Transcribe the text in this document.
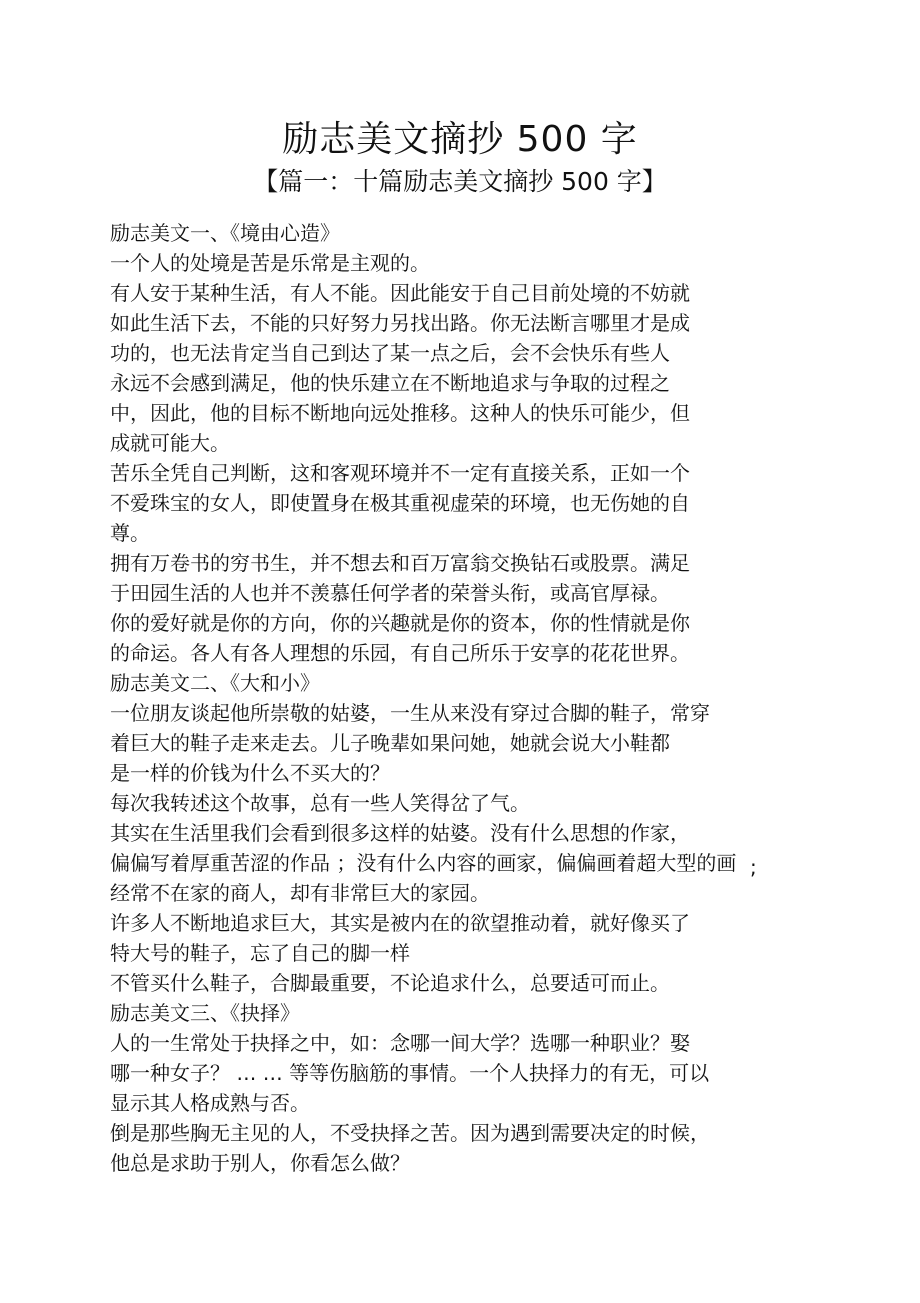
励志美文摘抄 500 字
【篇一：十篇励志美文摘抄 500 字】
励志美文一、《境由心造》
一个人的处境是苦是乐常是主观的。
有人安于某种生活，有人不能。因此能安于自己目前处境的不妨就
如此生活下去，不能的只好努力另找出路。你无法断言哪里才是成
功的，也无法肯定当自己到达了某一点之后，会不会快乐有些人
永远不会感到满足，他的快乐建立在不断地追求与争取的过程之
中，因此，他的目标不断地向远处推移。这种人的快乐可能少，但
成就可能大。
苦乐全凭自己判断，这和客观环境并不一定有直接关系，正如一个
不爱珠宝的女人，即使置身在极其重视虚荣的环境，也无伤她的自
尊。
拥有万卷书的穷书生，并不想去和百万富翁交换钻石或股票。满足
于田园生活的人也并不羡慕任何学者的荣誉头衔，或高官厚禄。
你的爱好就是你的方向，你的兴趣就是你的资本，你的性情就是你
的命运。各人有各人理想的乐园，有自己所乐于安享的花花世界。
励志美文二、《大和小》
一位朋友谈起他所崇敬的姑婆，一生从来没有穿过合脚的鞋子，常穿
着巨大的鞋子走来走去。儿子晚辈如果问她，她就会说大小鞋都
是一样的价钱为什么不买大的？
每次我转述这个故事，总有一些人笑得岔了气。
其实在生活里我们会看到很多这样的姑婆。没有什么思想的作家，
偏偏写着厚重苦涩的作品 ；没有什么内容的画家，偏偏画着超大型的画
经常不在家的商人，却有非常巨大的家园。
许多人不断地追求巨大，其实是被内在的欲望推动着，就好像买了
特大号的鞋子，忘了自己的脚一样
不管买什么鞋子，合脚最重要，不论追求什么，总要适可而止。
励志美文三、《抉择》
人的一生常处于抉择之中，如：念哪一间大学？选哪一种职业？娶
哪一种女子？ … … 等等伤脑筋的事情。一个人抉择力的有无，可以
显示其人格成熟与否。
倒是那些胸无主见的人，不受抉择之苦。因为遇到需要决定的时候，
他总是求助于别人，你看怎么做？
;
